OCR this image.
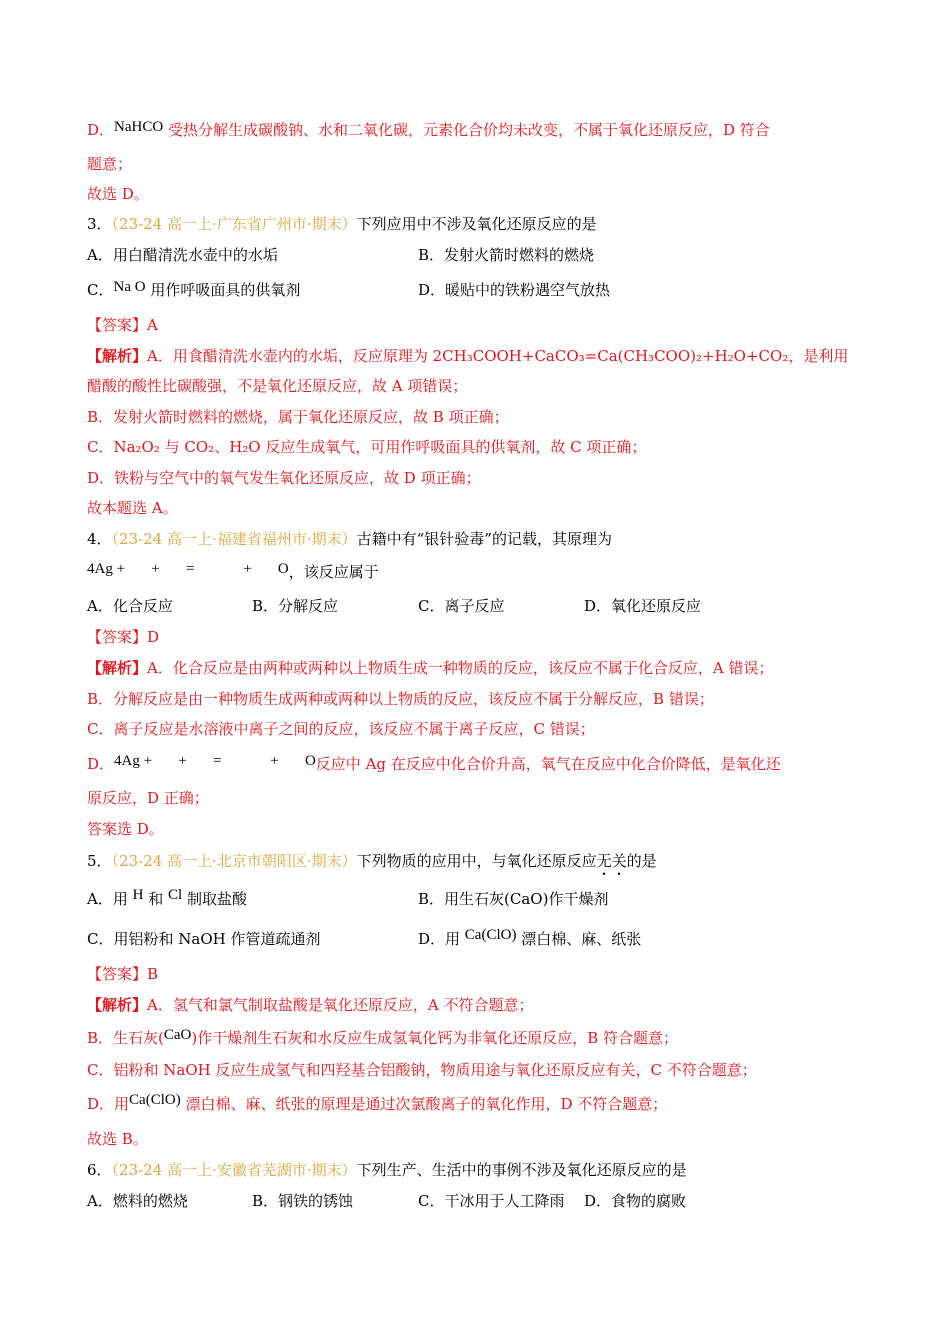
D．NaHCO 受热分解生成碳酸钠、水和二氧化碳，元素化合价均未改变，不属于氧化还原反应，D 符合
题意；
故选 D。
3．（23-24 高一上·广东省广州市·期末）下列应用中不涉及氧化还原反应的是
A．用白醋清洗水壶中的水垢	B．发射火箭时燃料的燃烧
C．Na O 用作呼吸面具的供氧剂	D．暖贴中的铁粉遇空气放热
【答案】A
【解析】A．用食醋清洗水壶内的水垢，反应原理为 2CH₃COOH+CaCO₃=Ca(CH₃COO)₂+H₂O+CO₂，是利用
醋酸的酸性比碳酸强，不是氧化还原反应，故 A 项错误；
B．发射火箭时燃料的燃烧，属于氧化还原反应，故 B 项正确；
C．Na₂O₂ 与 CO₂、H₂O 反应生成氧气，可用作呼吸面具的供氧剂，故 C 项正确；
D．铁粉与空气中的氧气发生氧化还原反应，故 D 项正确；
故本题选 A。
4．（23-24 高一上·福建省福州市·期末）古籍中有“银针验毒”的记载，其原理为
4Ag +       +       =             +       O，该反应属于
A．化合反应	B．分解反应	C．离子反应	D．氧化还原反应
【答案】D
【解析】A．化合反应是由两种或两种以上物质生成一种物质的反应，该反应不属于化合反应，A 错误；
B．分解反应是由一种物质生成两种或两种以上物质的反应，该反应不属于分解反应，B 错误；
C．离子反应是水溶液中离子之间的反应，该反应不属于离子反应，C 错误；
D．4Ag +       +       =             +       O反应中 Ag 在反应中化合价升高，氧气在反应中化合价降低，是氧化还
原反应，D 正确；
答案选 D。
5．（23-24 高一上·北京市朝阳区·期末）下列物质的应用中，与氧化还原反应无关的是
A．用 H 和 Cl 制取盐酸	B．用生石灰(CaO)作干燥剂
C．用铝粉和 NaOH 作管道疏通剂	D．用 Ca(ClO) 漂白棉、麻、纸张
【答案】B
【解析】A．氢气和氯气制取盐酸是氧化还原反应，A 不符合题意；
B．生石灰(CaO)作干燥剂生石灰和水反应生成氢氧化钙为非氧化还原反应，B 符合题意；
C．铝粉和 NaOH 反应生成氢气和四羟基合铝酸钠，物质用途与氧化还原反应有关，C 不符合题意；
D．用Ca(ClO) 漂白棉、麻、纸张的原理是通过次氯酸离子的氧化作用，D 不符合题意；
故选 B。
6．（23-24 高一上·安徽省芜湖市·期末）下列生产、生活中的事例不涉及氧化还原反应的是
A．燃料的燃烧	B．钢铁的锈蚀	C．干冰用于人工降雨 D．食物的腐败
